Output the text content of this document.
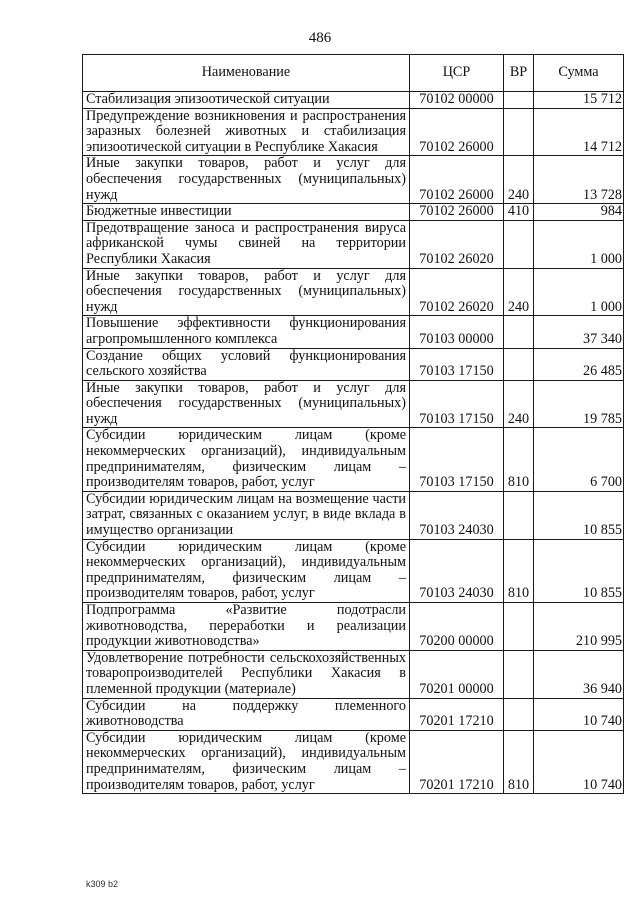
486
Наименование	ЦСР	ВР	Сумма
Стабилизация эпизоотической ситуации	70102 00000		15 712
Предупреждение возникновения и распространения заразных болезней животных и стабилизация эпизоотической ситуации в Республике Хакасия	70102 26000		14 712
Иные закупки товаров, работ и услуг для обеспечения государственных (муниципальных) нужд	70102 26000	240	13 728
Бюджетные инвестиции	70102 26000	410	984
Предотвращение заноса и распространения вируса африканской чумы свиней на территории Республики Хакасия	70102 26020		1 000
Иные закупки товаров, работ и услуг для обеспечения государственных (муниципальных) нужд	70102 26020	240	1 000
Повышение эффективности функционирования агропромышленного комплекса	70103 00000		37 340
Создание общих условий функционирования сельского хозяйства	70103 17150		26 485
Иные закупки товаров, работ и услуг для обеспечения государственных (муниципальных) нужд	70103 17150	240	19 785
Субсидии юридическим лицам (кроме некоммерческих организаций), индивидуальным предпринимателям, физическим лицам – производителям товаров, работ, услуг	70103 17150	810	6 700
Субсидии юридическим лицам на возмещение части затрат, связанных с оказанием услуг, в виде вклада в имущество организации	70103 24030		10 855
Субсидии юридическим лицам (кроме некоммерческих организаций), индивидуальным предпринимателям, физическим лицам – производителям товаров, работ, услуг	70103 24030	810	10 855
Подпрограмма «Развитие подотрасли животноводства, переработки и реализации продукции животноводства»	70200 00000		210 995
Удовлетворение потребности сельскохозяйственных товаропроизводителей Республики Хакасия в племенной продукции (материале)	70201 00000		36 940
Субсидии на поддержку племенного животноводства	70201 17210		10 740
Субсидии юридическим лицам (кроме некоммерческих организаций), индивидуальным предпринимателям, физическим лицам – производителям товаров, работ, услуг	70201 17210	810	10 740
k309 b2
